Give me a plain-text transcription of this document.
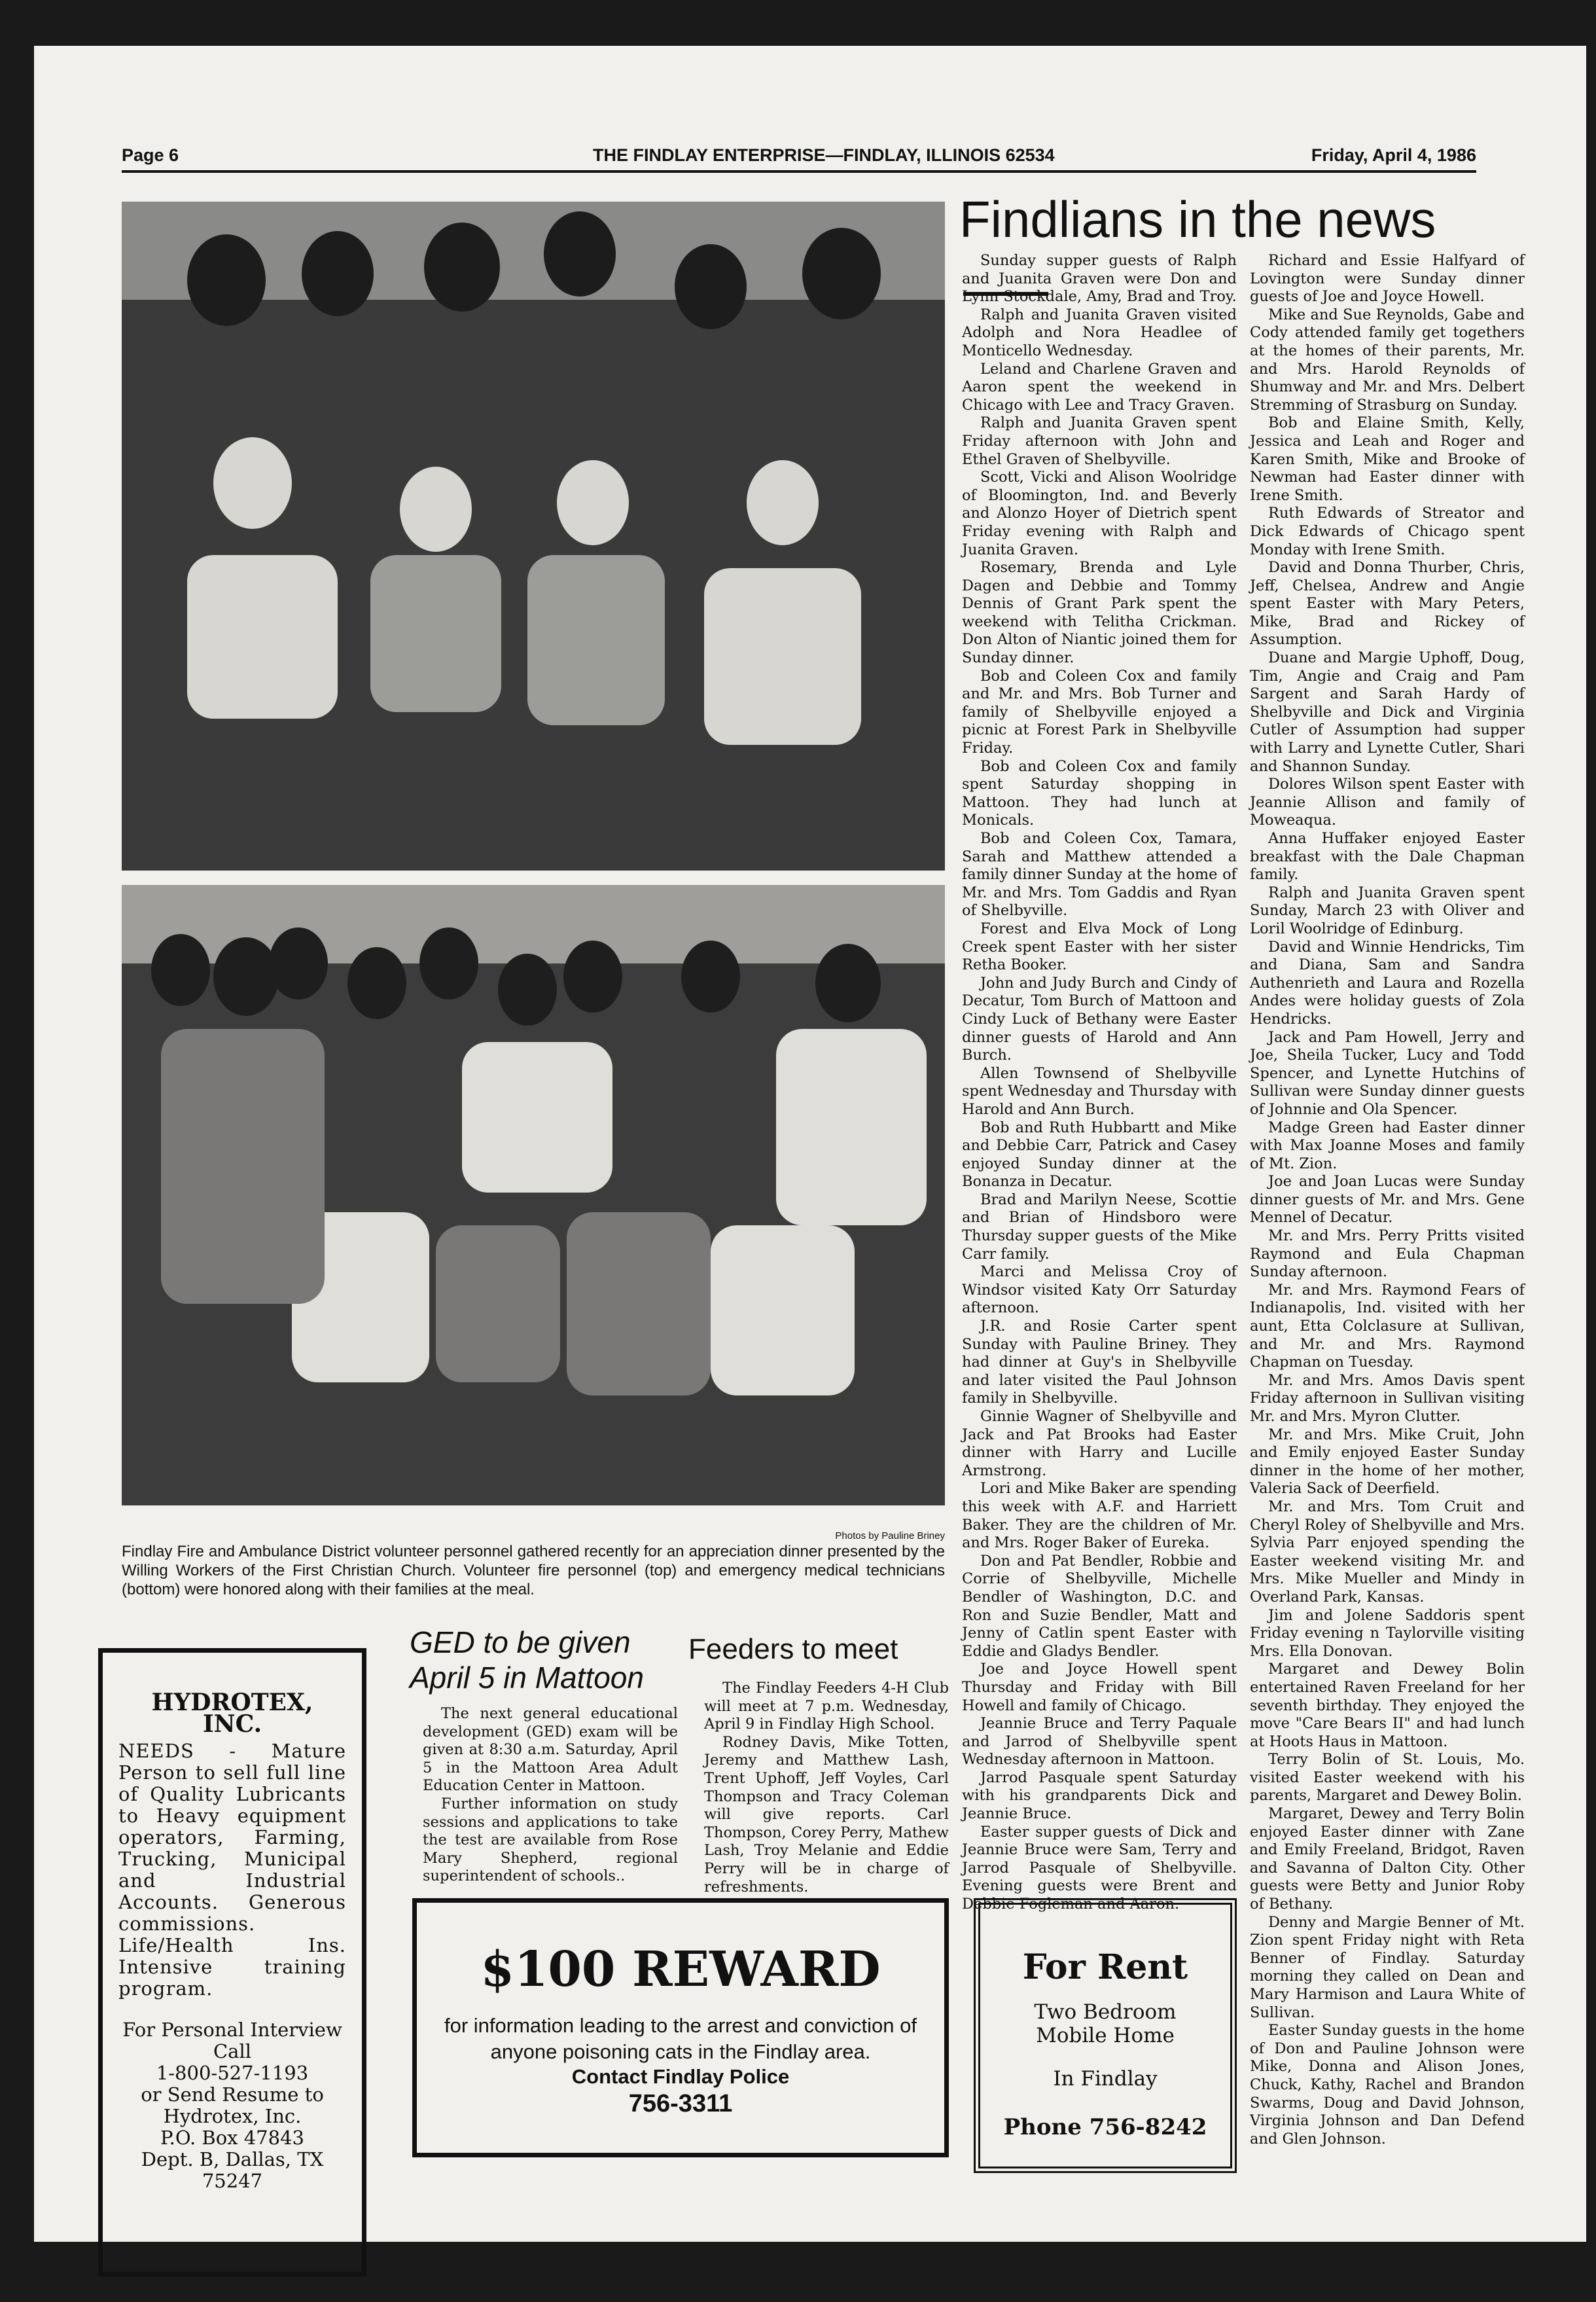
Page 6	THE FINDLAY ENTERPRISE—FINDLAY, ILLINOIS 62534	Friday, April 4, 1986
Photos by Pauline Briney
Findlay Fire and Ambulance District volunteer personnel gathered recently for an appreciation dinner presented by the Willing Workers of the First Christian Church. Volunteer fire personnel (top) and emergency medical technicians (bottom) were honored along with their families at the meal.
Findlians in the news

Sunday supper guests of Ralph and Juanita Graven were Don and Lynn Stockdale, Amy, Brad and Troy.

Ralph and Juanita Graven visited Adolph and Nora Headlee of Monticello Wednesday.

Leland and Charlene Graven and Aaron spent the weekend in Chicago with Lee and Tracy Graven.

Ralph and Juanita Graven spent Friday afternoon with John and Ethel Graven of Shelbyville.

Scott, Vicki and Alison Woolridge of Bloomington, Ind. and Beverly and Alonzo Hoyer of Dietrich spent Friday evening with Ralph and Juanita Graven.

Rosemary, Brenda and Lyle Dagen and Debbie and Tommy Dennis of Grant Park spent the weekend with Telitha Crickman. Don Alton of Niantic joined them for Sunday dinner.

Bob and Coleen Cox and family and Mr. and Mrs. Bob Turner and family of Shelbyville enjoyed a picnic at Forest Park in Shelbyville Friday.

Bob and Coleen Cox and family spent Saturday shopping in Mattoon. They had lunch at Monicals.

Bob and Coleen Cox, Tamara, Sarah and Matthew attended a family dinner Sunday at the home of Mr. and Mrs. Tom Gaddis and Ryan of Shelbyville.

Forest and Elva Mock of Long Creek spent Easter with her sister Retha Booker.

John and Judy Burch and Cindy of Decatur, Tom Burch of Mattoon and Cindy Luck of Bethany were Easter dinner guests of Harold and Ann Burch.

Allen Townsend of Shelbyville spent Wednesday and Thursday with Harold and Ann Burch.

Bob and Ruth Hubbartt and Mike and Debbie Carr, Patrick and Casey enjoyed Sunday dinner at the Bonanza in Decatur.

Brad and Marilyn Neese, Scottie and Brian of Hindsboro were Thursday supper guests of the Mike Carr family.

Marci and Melissa Croy of Windsor visited Katy Orr Saturday afternoon.

J.R. and Rosie Carter spent Sunday with Pauline Briney. They had dinner at Guy's in Shelbyville and later visited the Paul Johnson family in Shelbyville.

Ginnie Wagner of Shelbyville and Jack and Pat Brooks had Easter dinner with Harry and Lucille Armstrong.

Lori and Mike Baker are spending this week with A.F. and Harriett Baker. They are the children of Mr. and Mrs. Roger Baker of Eureka.

Don and Pat Bendler, Robbie and Corrie of Shelbyville, Michelle Bendler of Washington, D.C. and Ron and Suzie Bendler, Matt and Jenny of Catlin spent Easter with Eddie and Gladys Bendler.

Joe and Joyce Howell spent Thursday and Friday with Bill Howell and family of Chicago.

Jeannie Bruce and Terry Paquale and Jarrod of Shelbyville spent Wednesday afternoon in Mattoon.

Jarrod Pasquale spent Saturday with his grandparents Dick and Jeannie Bruce.

Easter supper guests of Dick and Jeannie Bruce were Sam, Terry and Jarrod Pasquale of Shelbyville. Evening guests were Brent and Debbie Fogleman and Aaron.

Richard and Essie Halfyard of Lovington were Sunday dinner guests of Joe and Joyce Howell.

Mike and Sue Reynolds, Gabe and Cody attended family get togethers at the homes of their parents, Mr. and Mrs. Harold Reynolds of Shumway and Mr. and Mrs. Delbert Stremming of Strasburg on Sunday.

Bob and Elaine Smith, Kelly, Jessica and Leah and Roger and Karen Smith, Mike and Brooke of Newman had Easter dinner with Irene Smith.

Ruth Edwards of Streator and Dick Edwards of Chicago spent Monday with Irene Smith.

David and Donna Thurber, Chris, Jeff, Chelsea, Andrew and Angie spent Easter with Mary Peters, Mike, Brad and Rickey of Assumption.

Duane and Margie Uphoff, Doug, Tim, Angie and Craig and Pam Sargent and Sarah Hardy of Shelbyville and Dick and Virginia Cutler of Assumption had supper with Larry and Lynette Cutler, Shari and Shannon Sunday.

Dolores Wilson spent Easter with Jeannie Allison and family of Moweaqua.

Anna Huffaker enjoyed Easter breakfast with the Dale Chapman family.

Ralph and Juanita Graven spent Sunday, March 23 with Oliver and Loril Woolridge of Edinburg.

David and Winnie Hendricks, Tim and Diana, Sam and Sandra Authenrieth and Laura and Rozella Andes were holiday guests of Zola Hendricks.

Jack and Pam Howell, Jerry and Joe, Sheila Tucker, Lucy and Todd Spencer, and Lynette Hutchins of Sullivan were Sunday dinner guests of Johnnie and Ola Spencer.

Madge Green had Easter dinner with Max Joanne Moses and family of Mt. Zion.

Joe and Joan Lucas were Sunday dinner guests of Mr. and Mrs. Gene Mennel of Decatur.

Mr. and Mrs. Perry Pritts visited Raymond and Eula Chapman Sunday afternoon.

Mr. and Mrs. Raymond Fears of Indianapolis, Ind. visited with her aunt, Etta Colclasure at Sullivan, and Mr. and Mrs. Raymond Chapman on Tuesday.

Mr. and Mrs. Amos Davis spent Friday afternoon in Sullivan visiting Mr. and Mrs. Myron Clutter.

Mr. and Mrs. Mike Cruit, John and Emily enjoyed Easter Sunday dinner in the home of her mother, Valeria Sack of Deerfield.

Mr. and Mrs. Tom Cruit and Cheryl Roley of Shelbyville and Mrs. Sylvia Parr enjoyed spending the Easter weekend visiting Mr. and Mrs. Mike Mueller and Mindy in Overland Park, Kansas.

Jim and Jolene Saddoris spent Friday evening n Taylorville visiting Mrs. Ella Donovan.

Margaret and Dewey Bolin entertained Raven Freeland for her seventh birthday. They enjoyed the move "Care Bears II" and had lunch at Hoots Haus in Mattoon.

Terry Bolin of St. Louis, Mo. visited Easter weekend with his parents, Margaret and Dewey Bolin.

Margaret, Dewey and Terry Bolin enjoyed Easter dinner with Zane and Emily Freeland, Bridgot, Raven and Savanna of Dalton City. Other guests were Betty and Junior Roby of Bethany.

Denny and Margie Benner of Mt. Zion spent Friday night with Reta Benner of Findlay. Saturday morning they called on Dean and Mary Harmison and Laura White of Sullivan.

Easter Sunday guests in the home of Don and Pauline Johnson were Mike, Donna and Alison Jones, Chuck, Kathy, Rachel and Brandon Swarms, Doug and David Johnson, Virginia Johnson and Dan Defend and Glen Johnson.

HYDROTEX, INC.
NEEDS - Mature Person to sell full line of Quality Lubricants to Heavy equipment operators, Farming, Trucking, Municipal and Industrial Accounts. Generous commissions. Life/Health Ins. Intensive training program.
For Personal Interview
Call
1-800-527-1193
or Send Resume to
Hydrotex, Inc.
P.O. Box 47843
Dept. B, Dallas, TX
75247
GED to be given
April 5 in Mattoon

The next general educational development (GED) exam will be given at 8:30 a.m. Saturday, April 5 in the Mattoon Area Adult Education Center in Mattoon.

Further information on study sessions and applications to take the test are available from Rose Mary Shepherd, regional superintendent of schools..

Feeders to meet

The Findlay Feeders 4-H Club will meet at 7 p.m. Wednesday, April 9 in Findlay High School.

Rodney Davis, Mike Totten, Jeremy and Matthew Lash, Trent Uphoff, Jeff Voyles, Carl Thompson and Tracy Coleman will give reports. Carl Thompson, Corey Perry, Mathew Lash, Troy Melanie and Eddie Perry will be in charge of refreshments.

$100 REWARD
for information leading to the arrest and conviction of anyone poisoning cats in the Findlay area.
Contact Findlay Police
756-3311
For Rent
Two Bedroom
Mobile Home
In Findlay
Phone 756-8242
